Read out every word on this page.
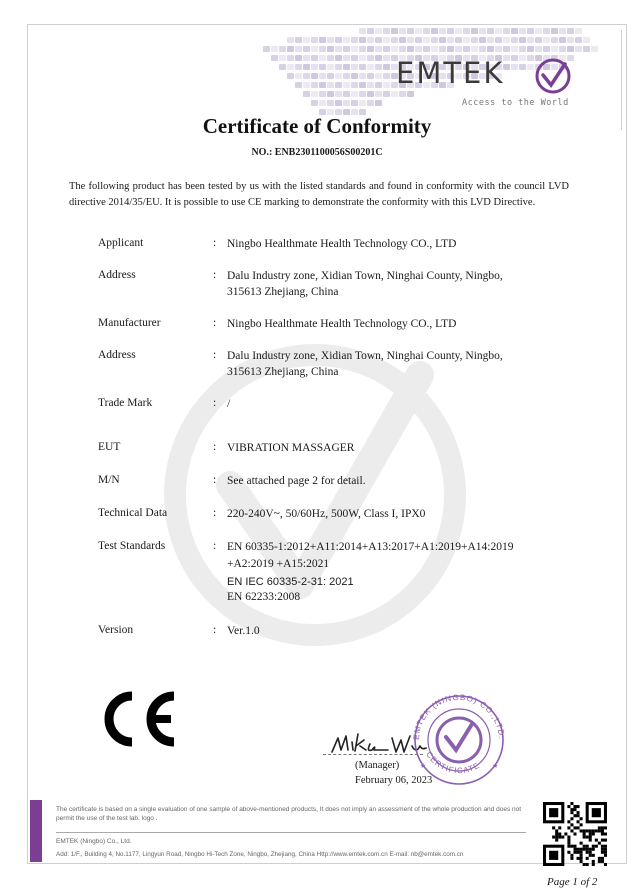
EMTEK
Access to the World
Certificate of Conformity
NO.: ENB2301100056S00201C
The following product has been tested by us with the listed standards and found in conformity with the council LVD directive 2014/35/EU. It is possible to use CE marking to demonstrate the conformity with this LVD Directive.
Applicant	: Ningbo Healthmate Health Technology CO., LTD
Address	: Dalu Industry zone, Xidian Town, Ninghai County, Ningbo,
315613 Zhejiang, China
Manufacturer	: Ningbo Healthmate Health Technology CO., LTD
Address	: Dalu Industry zone, Xidian Town, Ninghai County, Ningbo,
315613 Zhejiang, China
Trade Mark	: /
EUT	: VIBRATION MASSAGER
M/N	: See attached page 2 for detail.
Technical Data	: 220-240V~, 50/60Hz, 500W, Class I, IPX0
Test Standards	: EN 60335-1:2012+A11:2014+A13:2017+A1:2019+A14:2019
+A2:2019 +A15:2021
EN IEC 60335-2-31: 2021
EN 62233:2008
Version	: Ver.1.0
(Manager)
February 06, 2023
EMTEK (NINGBO) CO.,LTD.
CERTIFICATE
★	★
The certificate is based on a single evaluation of one sample of above-mentioned products, It does not imply an assessment of the whole production and does not permit the use of the test lab. logo .
EMTEK (Ningbo) Co., Ltd.
Add: 1/F., Building 4, No.1177, Lingyun Road, Ningbo Hi-Tech Zone, Ningbo, Zhejiang, China Http://www.emtek.com.cn E-mail: nb@emtek.com.cn
Page 1 of 2
